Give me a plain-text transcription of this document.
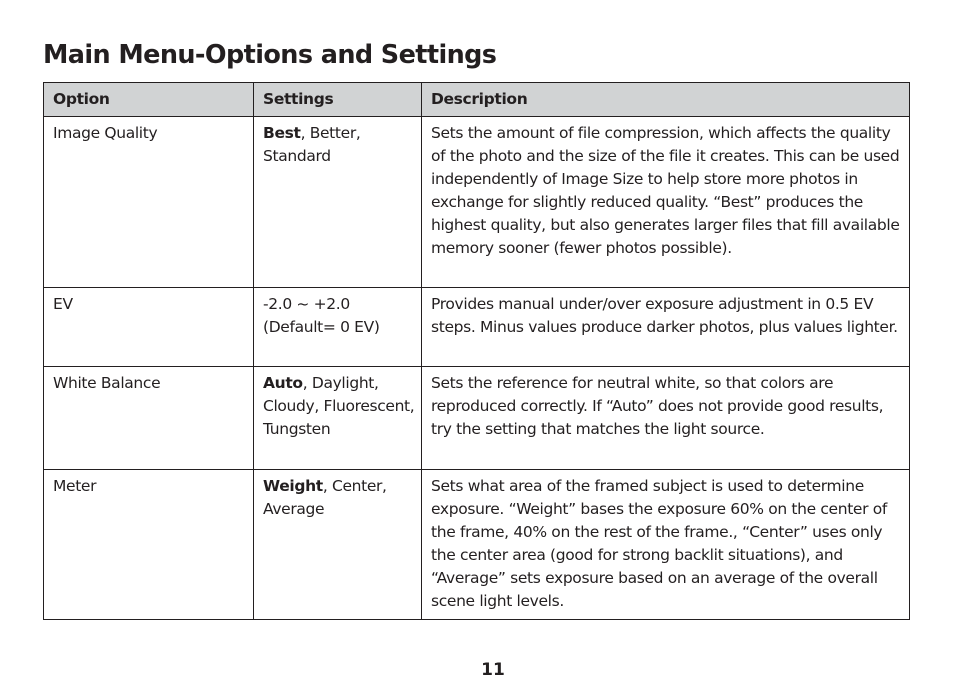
Main Menu-Options and Settings
Option	Settings	Description
Image Quality	Best, Better, Standard	Sets the amount of file compression, which affects the quality of the photo and the size of the file it creates. This can be used independently of Image Size to help store more photos in exchange for slightly reduced quality. “Best” produces the highest quality, but also generates larger files that fill available memory sooner (fewer photos possible).
EV	-2.0 ~ +2.0 (Default= 0 EV)	Provides manual under/over exposure adjustment in 0.5 EV steps. Minus values produce darker photos, plus values lighter.
White Balance	Auto, Daylight, Cloudy, Fluorescent, Tungsten	Sets the reference for neutral white, so that colors are reproduced correctly. If “Auto” does not provide good results, try the setting that matches the light source.
Meter	Weight, Center, Average	Sets what area of the framed subject is used to determine exposure. “Weight” bases the exposure 60% on the center of the frame, 40% on the rest of the frame., “Center” uses only the center area (good for strong backlit situations), and “Average” sets exposure based on an average of the overall scene light levels.
11
